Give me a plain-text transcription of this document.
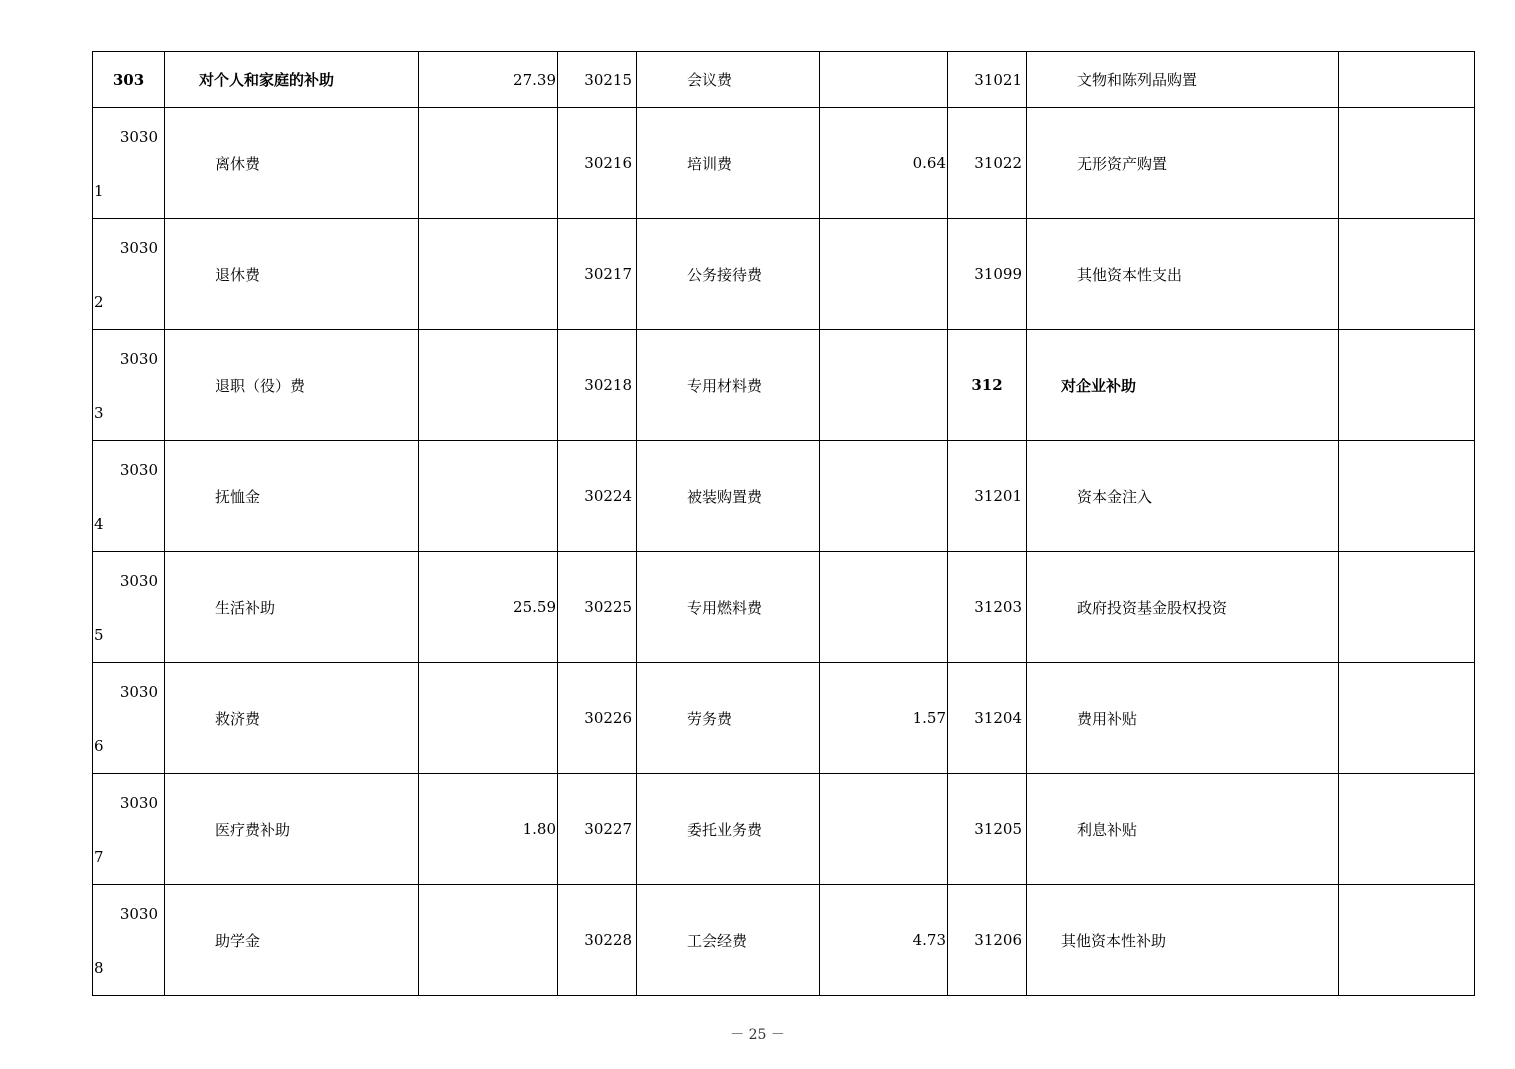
303	对个人和家庭的补助	27.39	30215	会议费		31021	文物和陈列品购置	

3030
1	离休费		30216	培训费	0.64	31022	无形资产购置	

3030
2	退休费		30217	公务接待费		31099	其他资本性支出	

3030
3	退职（役）费		30218	专用材料费		312	对企业补助	

3030
4	抚恤金		30224	被装购置费		31201	资本金注入	

3030
5	生活补助	25.59	30225	专用燃料费		31203	政府投资基金股权投资	

3030
6	救济费		30226	劳务费	1.57	31204	费用补贴	

3030
7	医疗费补助	1.80	30227	委托业务费		31205	利息补贴	

3030
8	助学金		30228	工会经费	4.73	31206	其他资本性补助	
－ 25 －
